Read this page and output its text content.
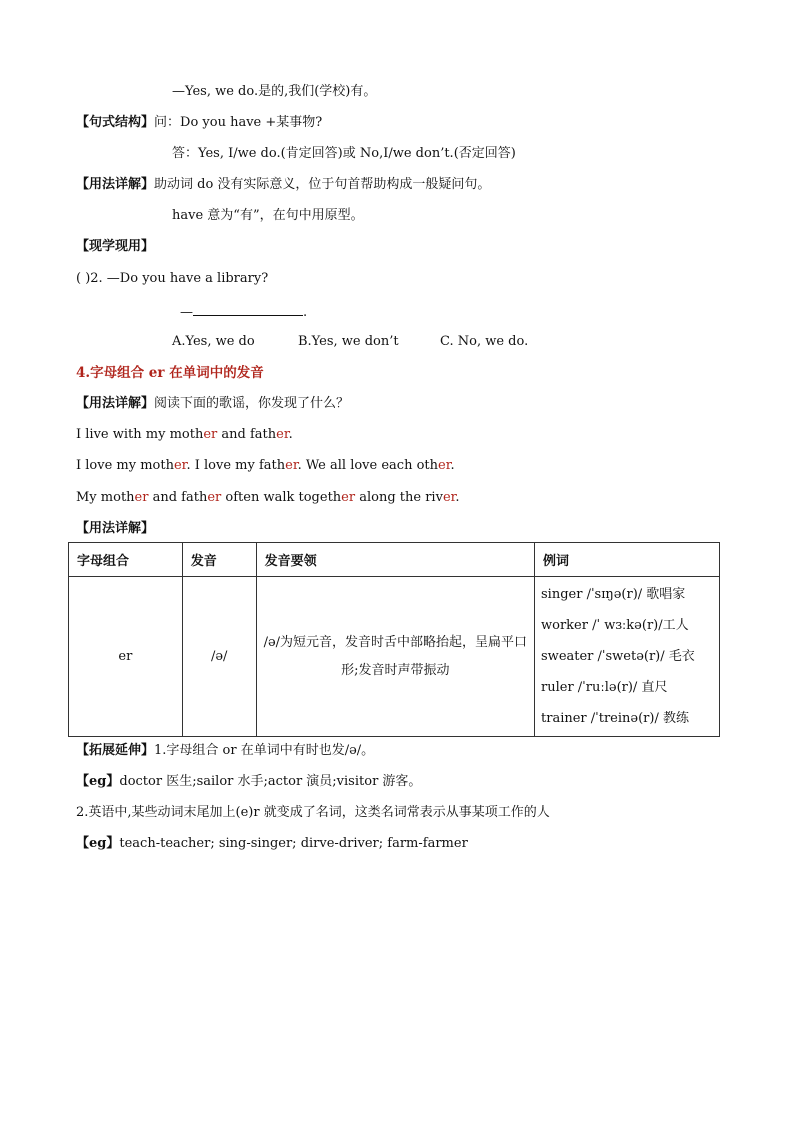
—Yes, we do.是的,我们(学校)有。
【句式结构】问：Do you have +某事物?
答：Yes, I/we do.(肯定回答)或 No,I/we don’t.(否定回答)
【用法详解】助动词 do 没有实际意义，位于句首帮助构成一般疑问句。
have 意为“有”，在句中用原型。
【现学现用】
( )2. —Do you have a library?
—	.
A.Yes, we do	B.Yes, we don’t	C. No, we do.
4.字母组合 er 在单词中的发音
【用法详解】阅读下面的歌谣，你发现了什么？
I live with my mother and father.
I love my mother. I love my father. We all love each other.
My mother and father often walk together along the river.
【用法详解】
字母组合	发音	发音要领	例词
er	/ə/	/ə/为短元音，发音时舌中部略抬起，呈扁平口形;发音时声带振动	singer /ˈsɪŋə(r)/ 歌唱家
worker /ˈ wɜːkə(r)/工人
sweater /ˈswetə(r)/ 毛衣
ruler /ˈruːlə(r)/ 直尺
trainer /ˈtreinə(r)/ 教练
【拓展延伸】1.字母组合 or 在单词中有时也发/ə/。
【eg】doctor 医生;sailor 水手;actor 演员;visitor 游客。
2.英语中,某些动词末尾加上(e)r 就变成了名词，这类名词常表示从事某项工作的人
【eg】teach-teacher; sing-singer; dirve-driver; farm-farmer
